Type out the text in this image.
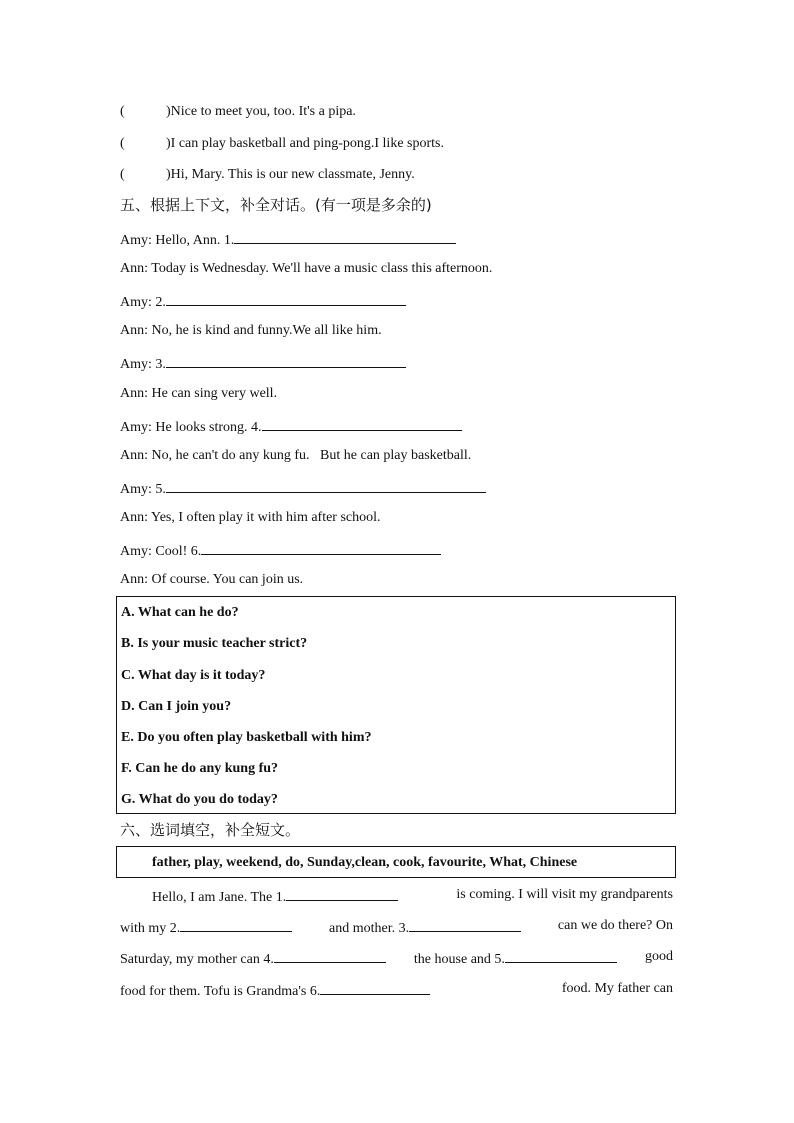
(	)Nice to meet you, too. It's a pipa.
(	)I can play basketball and ping-pong.I like sports.
(	)Hi, Mary. This is our new classmate, Jenny.
五、根据上下文，补全对话。(有一项是多余的)
Amy: Hello, Ann. 1.
Ann: Today is Wednesday. We'll have a music class this afternoon.
Amy: 2.
Ann: No, he is kind and funny.We all like him.
Amy: 3.
Ann: He can sing very well.
Amy: He looks strong. 4.
Ann: No, he can't do any kung fu.   But he can play basketball.
Amy: 5.
Ann: Yes, I often play it with him after school.
Amy: Cool! 6.
Ann: Of course. You can join us.
A. What can he do?
B. Is your music teacher strict?
C. What day is it today?
D. Can I join you?
E. Do you often play basketball with him?
F. Can he do any kung fu?
G. What do you do today?
六、选词填空，补全短文。
father, play, weekend, do, Sunday,clean, cook, favourite, What, Chinese
Hello, I am Jane. The 1.	is coming. I will visit my grandparents
with my 2.	and mother. 3.	can we do there? On
Saturday, my mother can 4.	the house and 5.	good
food for them. Tofu is Grandma's 6.	food. My father can
